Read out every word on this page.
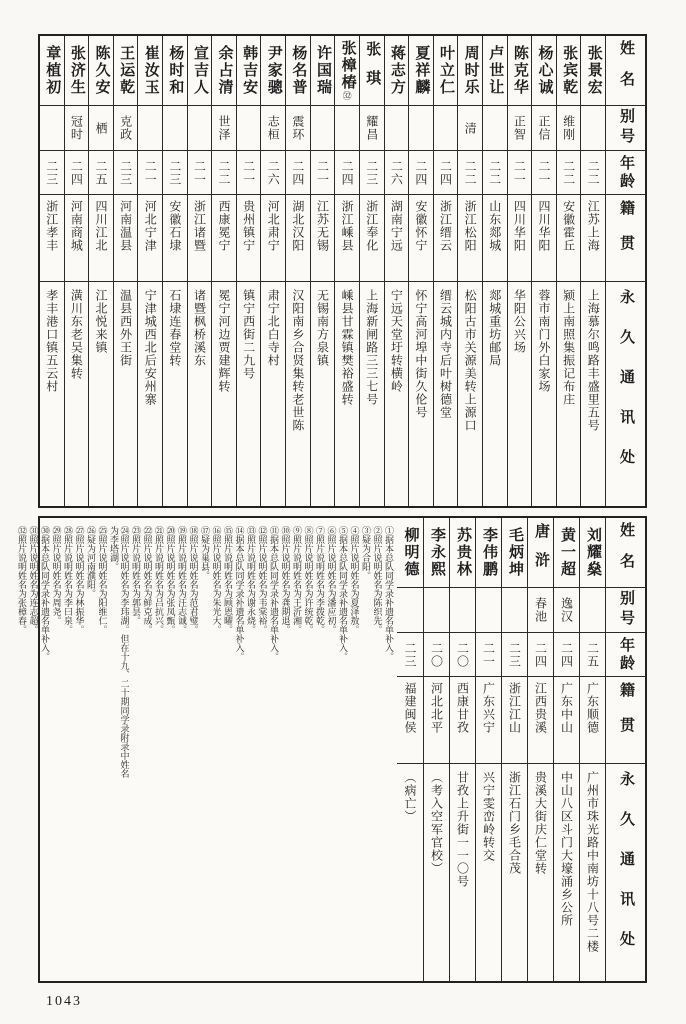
姓名
别号
年龄
籍贯
永久通讯处
张景宏
二二
江苏上海
上海慕尔鸣路丰盛里五号
张宾乾
维刚
二二
安徽霍丘
颍上南照集振记布庄
杨心诚
正信
二一
四川华阳
蓉市南门外白家场
陈克华
正智
二一
四川华阳
华阳公兴场
卢世让
二二
山东郯城
郯城重坊邮局
周时乐
清
二二
浙江松阳
松阳古市关源美转上源口
叶立仁
二四
浙江缙云
缙云城内寺后叶树德堂
夏祥麟
二四
安徽怀宁
怀宁高河埠中街久伦号
蒋志方
二六
湖南宁远
宁远天堂圩转横岭
张琪
耀昌
二三
浙江奉化
上海新闸路三三七号
张樟椿
㉜
二四
浙江嵊县
嵊县甘霖镇樊裕盛转
许国瑞
二一
江苏无锡
无锡南方泉镇
杨名普
震环
二四
湖北汉阳
汉阳南乡合贤集转老世陈
尹家骢
志桓
二六
河北肃宁
肃宁北白寺村
韩吉安
二一
贵州镇宁
镇宁西街二九号
余占清
世泽
二二
西康冕宁
冕宁河边贾建辉转
宣吉人
二一
浙江诸暨
诸暨枫桥溪东
杨时和
二三
安徽石埭
石埭连春堂转
崔汝玉
二一
河北宁津
宁津城西北后安州寨
王运乾
克政
二三
河南温县
温县西外王街
陈久安
栖
二五
四川江北
江北悦来镇
张济生
冠时
二四
河南商城
潢川东老吴集转
章植初
二三
浙江孝丰
孝丰港口镇五云村
姓名
别号
年龄
籍贯
永久通讯处
①据本总队同学录补遗名单补入。
②照片说明姓名为陈织先。
③疑为合阳。
④照片说明姓名为夏泽敖。
⑤据本总队同学录补遗名单补入。
⑥照片说明姓名为潘应初。
⑦照片说明姓名为李拨乾。
⑧照片说明姓名为许统乾。
⑨照片说明姓名为王沂湘。
⑩照片说明姓名为龚期退。
⑪据本总队同学录补遗名单补入。
⑫照片说明姓名为韦棠裕。
⑬照片说明姓名为谢永烧。
⑭据本总队同学录补遗名单补入。
⑮照片说明姓名为顾恩曜。
⑯照片说明姓名为朱光大。
⑰疑为巢县。
⑱照片说明姓名为范君璧。
⑲照片说明姓名为汪志诚。
⑳照片说明姓名为张凤甄。
㉑照片说明姓名为吕抗兴。
㉒照片说明姓名为鲜克成。
㉓照片说明姓名为郭昙。
㉔照片说明姓名为李玮湖。但在十九、二十期同学录附录中姓名为李塔湖。
㉕照片说明姓名为阳维仁。
㉖疑为河南濮阳。
㉗照片说明姓名为林振华。
㉘照片说明姓名为李曰泉。
㉙照片说明姓名为周尧。
㉚据本总队同学录补遗名单补入。
㉛照片说明姓名为连志超。
㉜照片说明姓名为张樟春。	刘耀燊
二五
广东顺德
广州市珠光路中南坊十八号二楼
黄一超
逸汉
二四
广东中山
中山八区斗门大壕涌乡公所
唐浒
春池
二四
江西贵溪
贵溪大街庆仁堂转
毛炳坤
二三
浙江江山
浙江石门乡毛合茂
李伟鹏
二一
广东兴宁
兴宁雯峦岭转交
苏贵林
二〇
西康甘孜
甘孜上升街一一〇号
李永熙
二〇
河北北平
︵考入空军官校︶
柳明德
二三
福建闽侯
︵病亡︶
1043
